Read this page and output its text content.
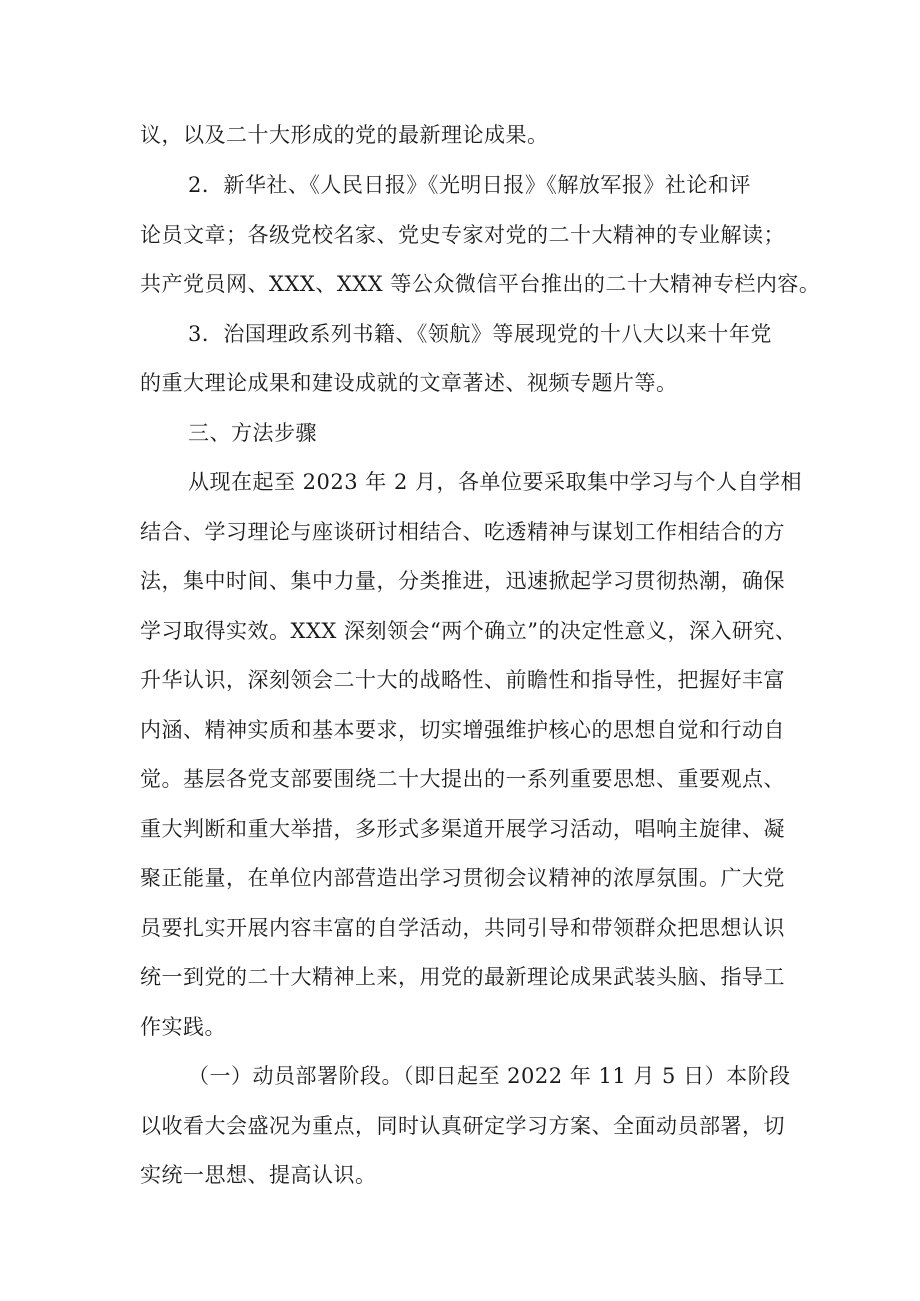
议，以及二十大形成的党的最新理论成果。
2．新华社、《人民日报》《光明日报》《解放军报》社论和评
论员文章；各级党校名家、党史专家对党的二十大精神的专业解读；
共产党员网、XXX、XXX 等公众微信平台推出的二十大精神专栏内容。
3．治国理政系列书籍、《领航》等展现党的十八大以来十年党
的重大理论成果和建设成就的文章著述、视频专题片等。
三、方法步骤
从现在起至 2023 年 2 月，各单位要采取集中学习与个人自学相
结合、学习理论与座谈研讨相结合、吃透精神与谋划工作相结合的方
法，集中时间、集中力量，分类推进，迅速掀起学习贯彻热潮，确保
学习取得实效。XXX 深刻领会“两个确立”的决定性意义，深入研究、
升华认识，深刻领会二十大的战略性、前瞻性和指导性，把握好丰富
内涵、精神实质和基本要求，切实增强维护核心的思想自觉和行动自
觉。基层各党支部要围绕二十大提出的一系列重要思想、重要观点、
重大判断和重大举措，多形式多渠道开展学习活动，唱响主旋律、凝
聚正能量，在单位内部营造出学习贯彻会议精神的浓厚氛围。广大党
员要扎实开展内容丰富的自学活动，共同引导和带领群众把思想认识
统一到党的二十大精神上来，用党的最新理论成果武装头脑、指导工
作实践。
（一）动员部署阶段。（即日起至 2022 年 11 月 5 日）本阶段
以收看大会盛况为重点，同时认真研定学习方案、全面动员部署，切
实统一思想、提高认识。
